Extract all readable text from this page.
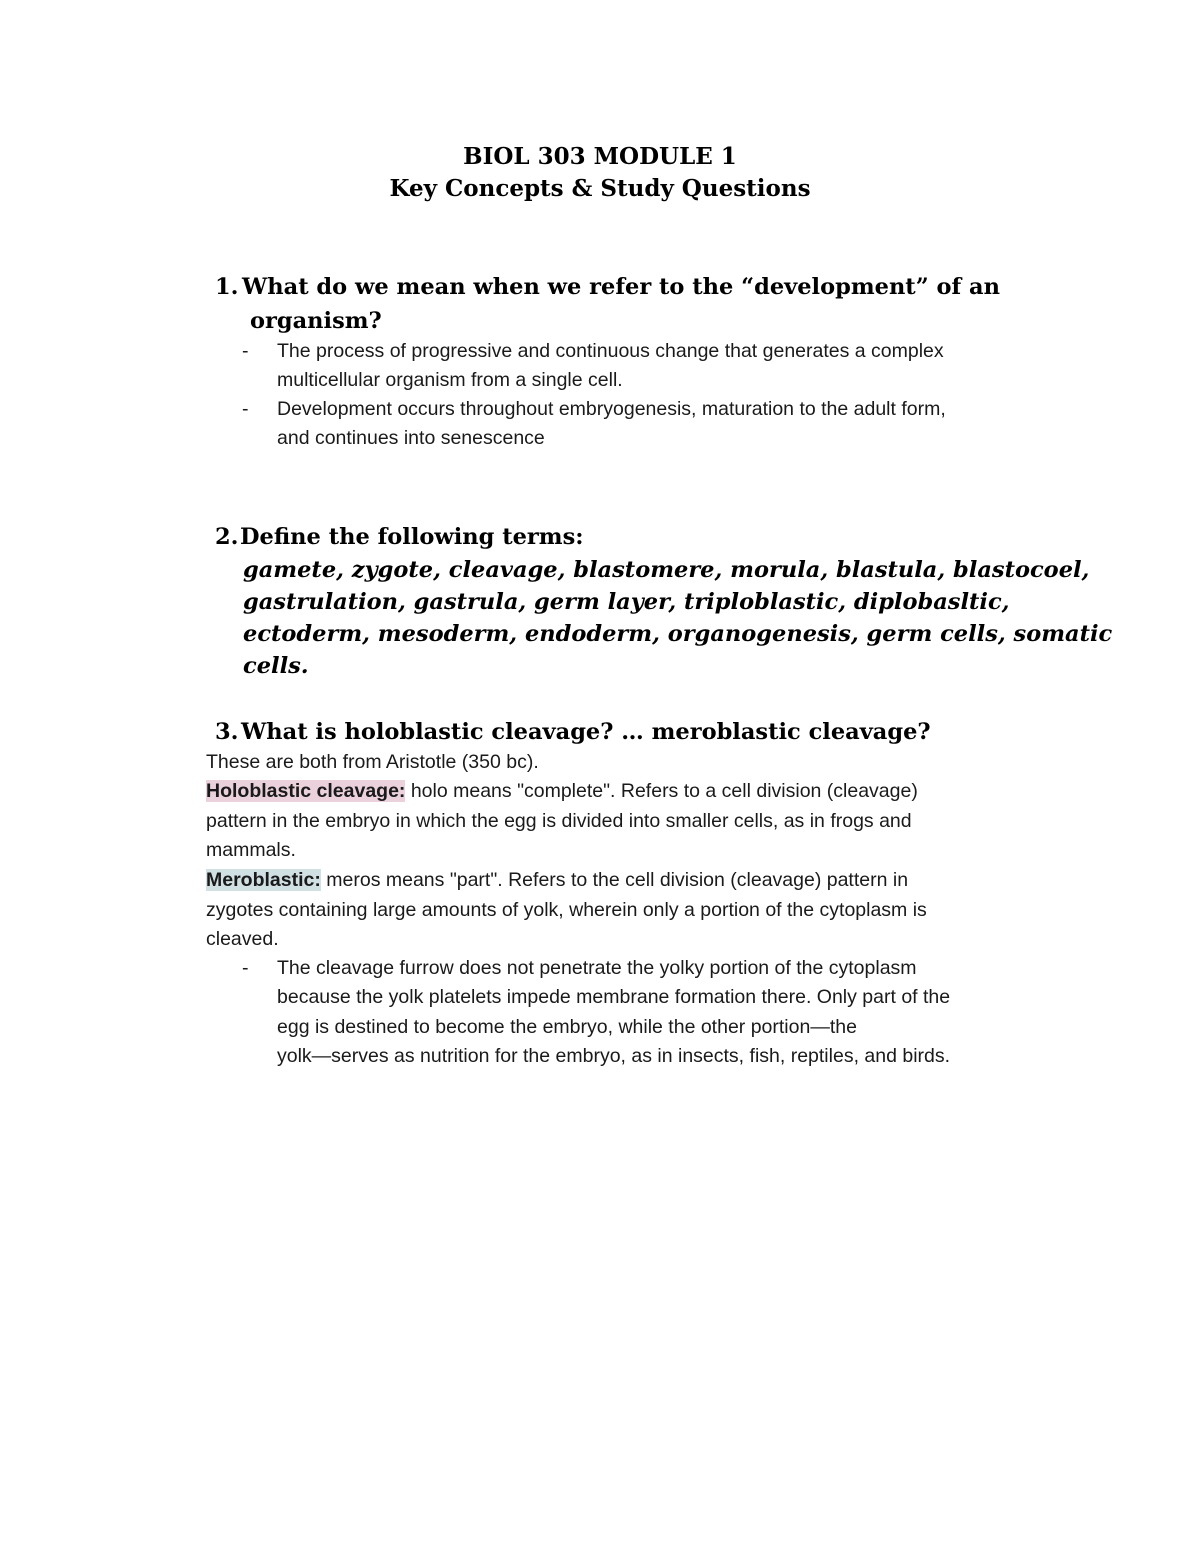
BIOL 303 MODULE 1
Key Concepts & Study Questions
1. What do we mean when we refer to the “development” of an
organism?
- The process of progressive and continuous change that generates a complex
multicellular organism from a single cell.
- Development occurs throughout embryogenesis, maturation to the adult form,
and continues into senescence
2. Define the following terms:
gamete, zygote, cleavage, blastomere, morula, blastula, blastocoel,
gastrulation, gastrula, germ layer, triploblastic, diplobasltic,
ectoderm, mesoderm, endoderm, organogenesis, germ cells, somatic
cells.
3. What is holoblastic cleavage? … meroblastic cleavage?
These are both from Aristotle (350 bc).
Holoblastic cleavage: holo means "complete". Refers to a cell division (cleavage)
pattern in the embryo in which the egg is divided into smaller cells, as in frogs and
mammals.
Meroblastic: meros means "part". Refers to the cell division (cleavage) pattern in
zygotes containing large amounts of yolk, wherein only a portion of the cytoplasm is
cleaved.
- The cleavage furrow does not penetrate the yolky portion of the cytoplasm
because the yolk platelets impede membrane formation there. Only part of the
egg is destined to become the embryo, while the other portion—the
yolk—serves as nutrition for the embryo, as in insects, fish, reptiles, and birds.
